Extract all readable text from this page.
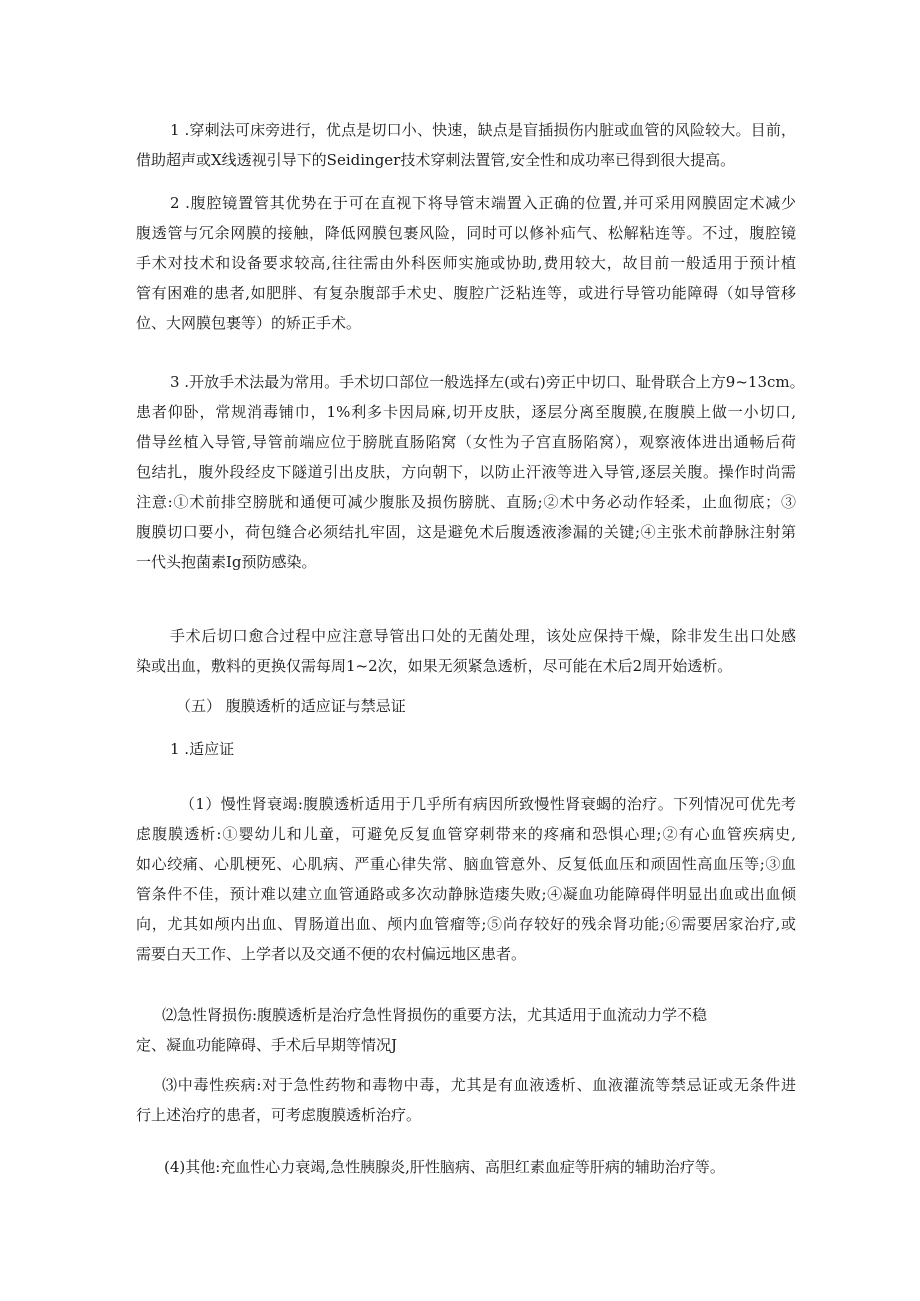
1 .穿刺法可床旁进行，优点是切口小、快速，缺点是盲插损伤内脏或血管的风险较大。目前，
借助超声或X线透视引导下的Seidinger技术穿刺法置管,安全性和成功率已得到很大提高。
2 .腹腔镜置管其优势在于可在直视下将导管末端置入正确的位置,并可采用网膜固定术减少
腹透管与冗余网膜的接触，降低网膜包裹风险，同时可以修补疝气、松解粘连等。不过，腹腔镜
手术对技术和设备要求较高,往往需由外科医师实施或协助,费用较大，故目前一般适用于预计植
管有困难的患者,如肥胖、有复杂腹部手术史、腹腔广泛粘连等，或进行导管功能障碍（如导管移
位、大网膜包裹等）的矫正手术。
3 .开放手术法最为常用。手术切口部位一般选择左(或右)旁正中切口、耻骨联合上方9~13cm。
患者仰卧，常规消毒铺巾，1%利多卡因局麻,切开皮肤，逐层分离至腹膜,在腹膜上做一小切口,
借导丝植入导管,导管前端应位于膀胱直肠陷窝（女性为子宫直肠陷窝），观察液体进出通畅后荷
包结扎，腹外段经皮下隧道引出皮肤，方向朝下，以防止汗液等进入导管,逐层关腹。操作时尚需
注意:①术前排空膀胱和通便可减少腹胀及损伤膀胱、直肠;②术中务必动作轻柔，止血彻底；③
腹膜切口要小，荷包缝合必须结扎牢固，这是避免术后腹透液渗漏的关键;④主张术前静脉注射第
一代头抱菌素Ig预防感染。
手术后切口愈合过程中应注意导管出口处的无菌处理，该处应保持干燥，除非发生出口处感
染或出血，敷料的更换仅需每周1~2次，如果无须紧急透析，尽可能在术后2周开始透析。
（五） 腹膜透析的适应证与禁忌证
1 .适应证
（1）慢性肾衰竭:腹膜透析适用于几乎所有病因所致慢性肾衰蝎的治疗。下列情况可优先考
虑腹膜透析:①婴幼儿和儿童，可避免反复血管穿刺带来的疼痛和恐惧心理;②有心血管疾病史,
如心绞痛、心肌梗死、心肌病、严重心律失常、脑血管意外、反复低血压和顽固性高血压等;③血
管条件不佳，预计难以建立血管通路或多次动静脉造瘘失败;④凝血功能障碍伴明显出血或出血倾
向，尤其如颅内出血、胃肠道出血、颅内血管瘤等;⑤尚存较好的残余肾功能;⑥需要居家治疗,或
需要白天工作、上学者以及交通不便的农村偏远地区患者。
⑵急性肾损伤:腹膜透析是治疗急性肾损伤的重要方法，尤其适用于血流动力学不稳
定、凝血功能障碍、手术后早期等情况J
⑶中毒性疾病:对于急性药物和毒物中毒，尤其是有血液透析、血液灌流等禁忌证或无条件进
行上述治疗的患者，可考虑腹膜透析治疗。
(4)其他:充血性心力衰竭,急性胰腺炎,肝性脑病、高胆红素血症等肝病的辅助治疗等。
